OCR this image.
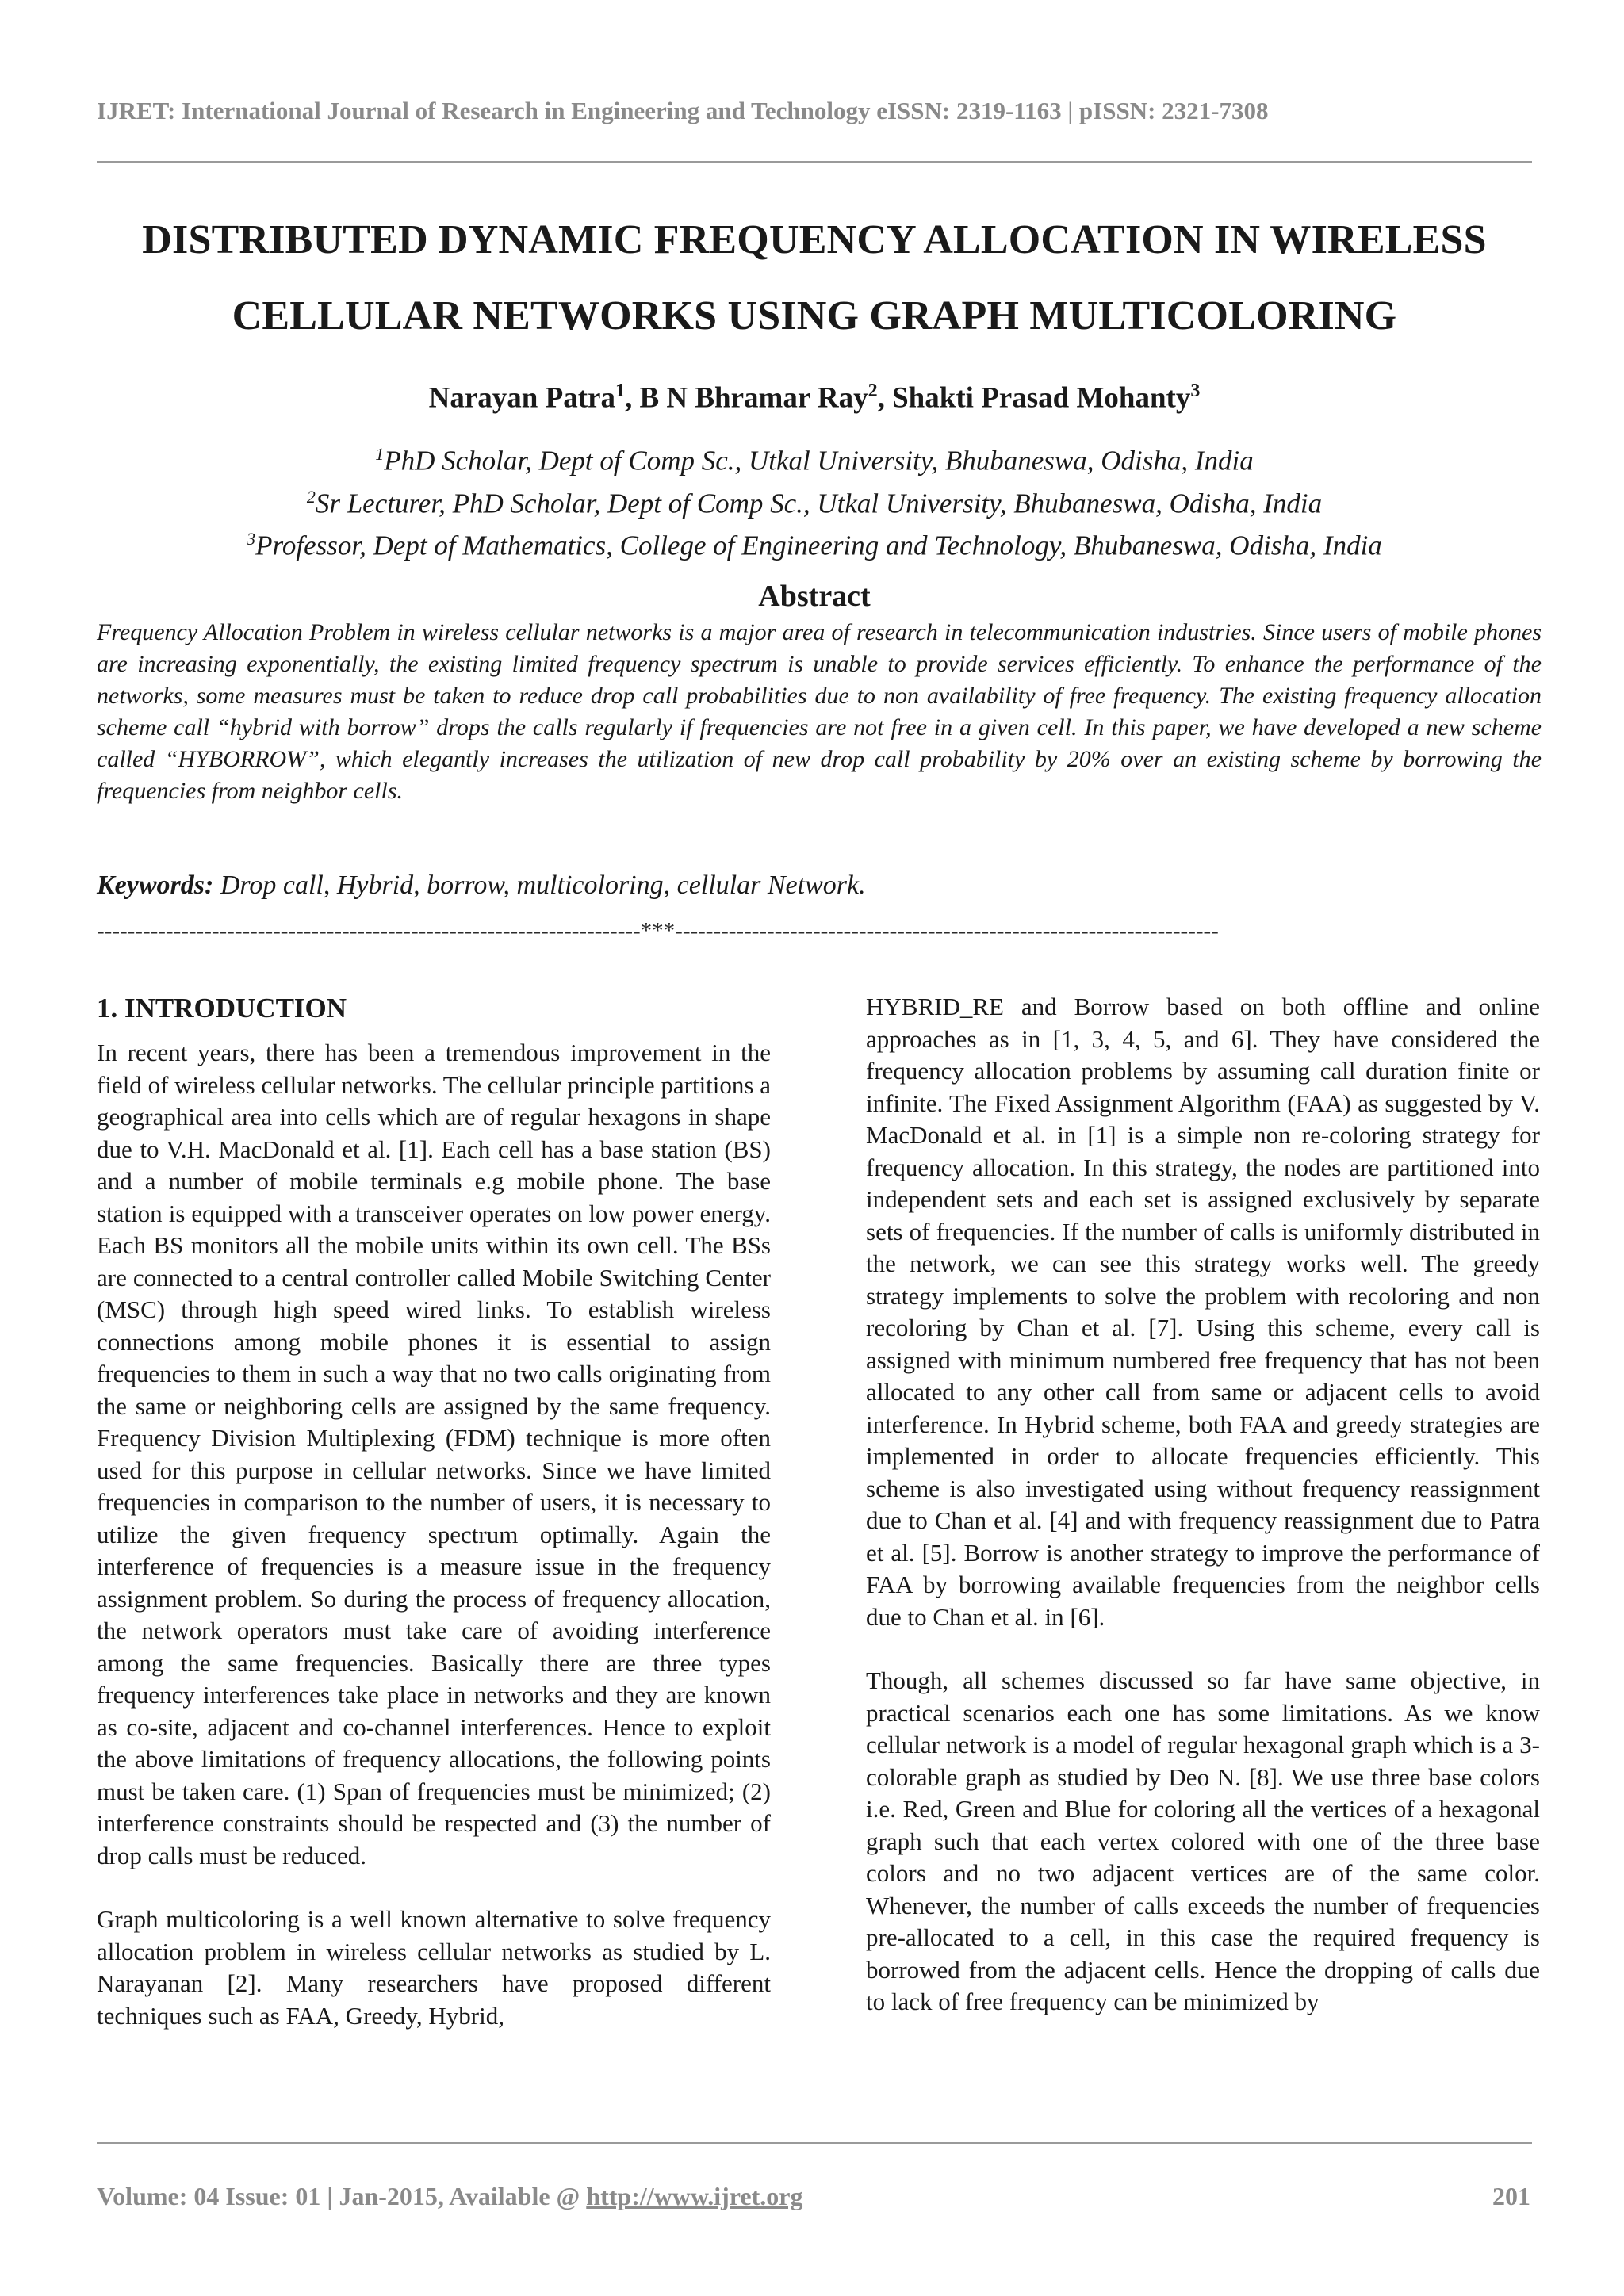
IJRET: International Journal of Research in Engineering and Technology eISSN: 2319-1163 | pISSN: 2321-7308
DISTRIBUTED DYNAMIC FREQUENCY ALLOCATION IN WIRELESS
CELLULAR NETWORKS USING GRAPH MULTICOLORING
Narayan Patra$^1$, B N Bhramar Ray$^2$, Shakti Prasad Mohanty$^3$
$^1$PhD Scholar, Dept of Comp Sc., Utkal University, Bhubaneswa, Odisha, India
$^2$Sr Lecturer, PhD Scholar, Dept of Comp Sc., Utkal University, Bhubaneswa, Odisha, India
$^3$Professor, Dept of Mathematics, College of Engineering and Technology, Bhubaneswa, Odisha, India
Abstract
Frequency Allocation Problem in wireless cellular networks is a major area of research in telecommunication industries. Since users of mobile phones are increasing exponentially, the existing limited frequency spectrum is unable to provide services efficiently. To enhance the performance of the networks, some measures must be taken to reduce drop call probabilities due to non availability of free frequency. The existing frequency allocation scheme call “hybrid with borrow” drops the calls regularly if frequencies are not free in a given cell. In this paper, we have developed a new scheme called “HYBORROW”, which elegantly increases the utilization of new drop call probability by 20% over an existing scheme by borrowing the frequencies from neighbor cells.
Keywords: Drop call, Hybrid, borrow, multicoloring, cellular Network.
-----------------------------------------------------------------------***-----------------------------------------------------------------------
1. INTRODUCTION

In recent years, there has been a tremendous improvement in the field of wireless cellular networks. The cellular principle partitions a geographical area into cells which are of regular hexagons in shape due to V.H. MacDonald et al. [1]. Each cell has a base station (BS) and a number of mobile terminals e.g mobile phone. The base station is equipped with a transceiver operates on low power energy. Each BS monitors all the mobile units within its own cell. The BSs are connected to a central controller called Mobile Switching Center (MSC) through high speed wired links. To establish wireless connections among mobile phones it is essential to assign frequencies to them in such a way that no two calls originating from the same or neighboring cells are assigned by the same frequency. Frequency Division Multiplexing (FDM) technique is more often used for this purpose in cellular networks. Since we have limited frequencies in comparison to the number of users, it is necessary to utilize the given frequency spectrum optimally. Again the interference of frequencies is a measure issue in the frequency assignment problem. So during the process of frequency allocation, the network operators must take care of avoiding interference among the same frequencies. Basically there are three types frequency interferences take place in networks and they are known as co-site, adjacent and co-channel interferences. Hence to exploit the above limitations of frequency allocations, the following points must be taken care. (1) Span of frequencies must be minimized; (2) interference constraints should be respected and (3) the number of drop calls must be reduced.

Graph multicoloring is a well known alternative to solve frequency allocation problem in wireless cellular networks as studied by L. Narayanan [2]. Many researchers have proposed different techniques such as FAA, Greedy, Hybrid,

HYBRID_RE and Borrow based on both offline and online approaches as in [1, 3, 4, 5, and 6]. They have considered the frequency allocation problems by assuming call duration finite or infinite. The Fixed Assignment Algorithm (FAA) as suggested by V. MacDonald et al. in [1] is a simple non re-coloring strategy for frequency allocation. In this strategy, the nodes are partitioned into independent sets and each set is assigned exclusively by separate sets of frequencies. If the number of calls is uniformly distributed in the network, we can see this strategy works well. The greedy strategy implements to solve the problem with recoloring and non recoloring by Chan et al. [7]. Using this scheme, every call is assigned with minimum numbered free frequency that has not been allocated to any other call from same or adjacent cells to avoid interference. In Hybrid scheme, both FAA and greedy strategies are implemented in order to allocate frequencies efficiently. This scheme is also investigated using without frequency reassignment due to Chan et al. [4] and with frequency reassignment due to Patra et al. [5]. Borrow is another strategy to improve the performance of FAA by borrowing available frequencies from the neighbor cells due to Chan et al. in [6].

Though, all schemes discussed so far have same objective, in practical scenarios each one has some limitations. As we know cellular network is a model of regular hexagonal graph which is a 3-colorable graph as studied by Deo N. [8]. We use three base colors i.e. Red, Green and Blue for coloring all the vertices of a hexagonal graph such that each vertex colored with one of the three base colors and no two adjacent vertices are of the same color. Whenever, the number of calls exceeds the number of frequencies pre-allocated to a cell, in this case the required frequency is borrowed from the adjacent cells. Hence the dropping of calls due to lack of free frequency can be minimized by

Volume: 04 Issue: 01 | Jan-2015, Available @ http://www.ijret.org	201
